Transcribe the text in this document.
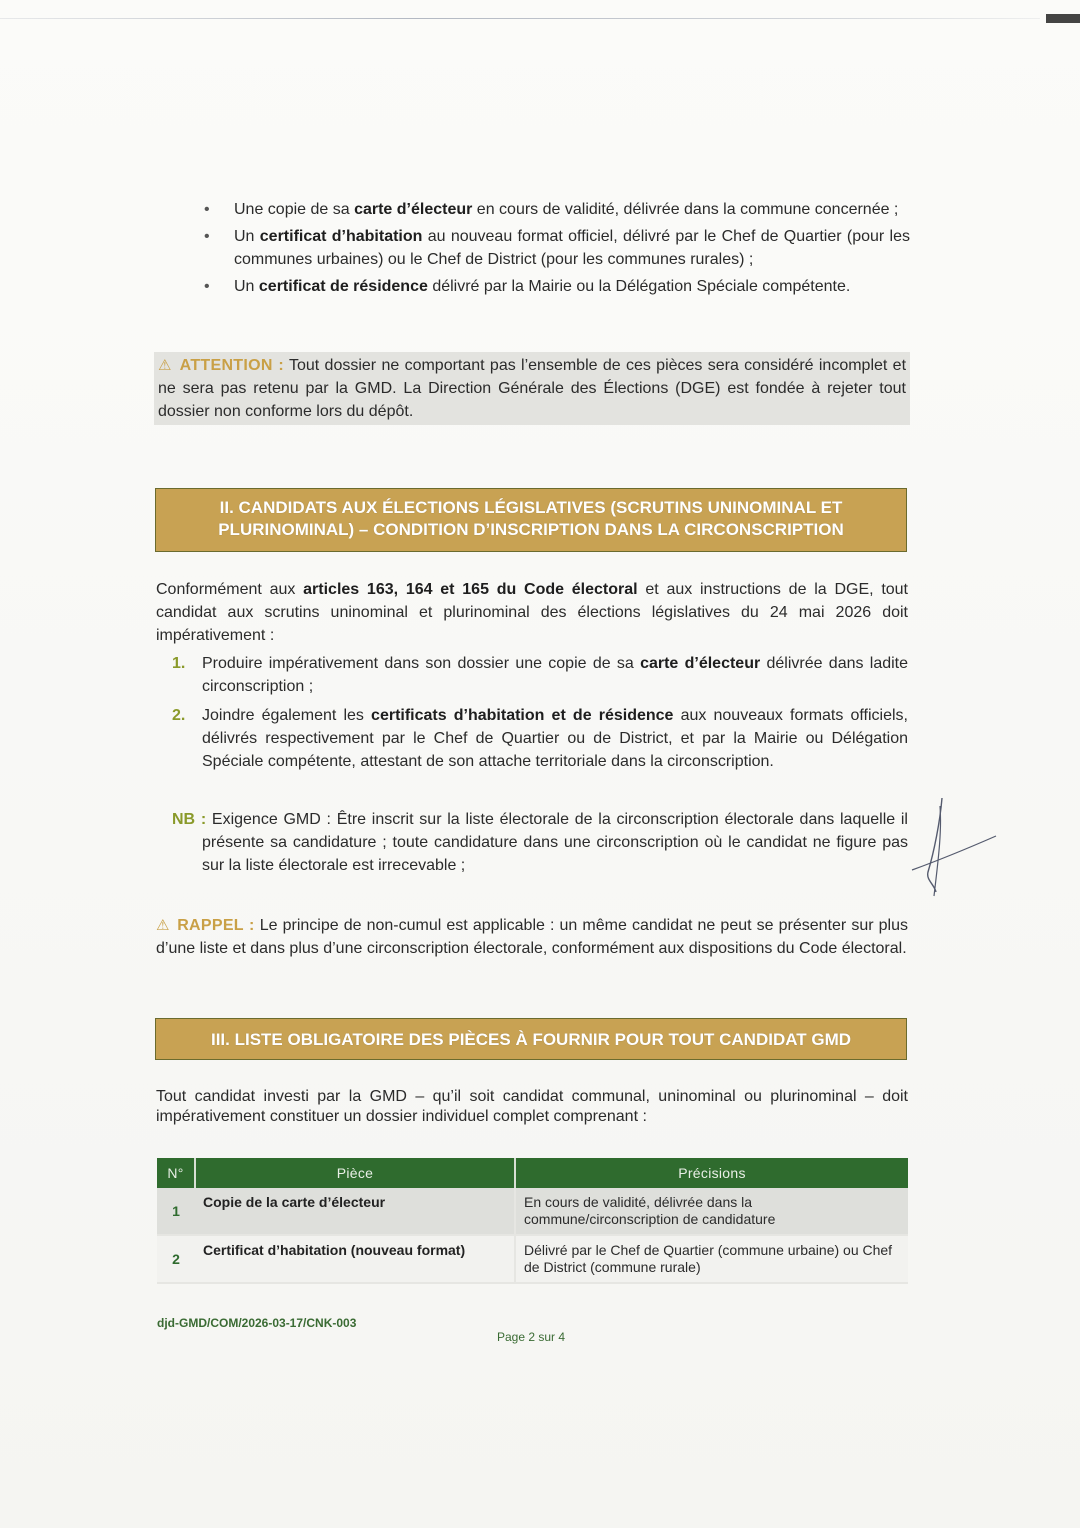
• Une copie de sa carte d’électeur en cours de validité, délivrée dans la commune concernée ;
• Un certificat d’habitation au nouveau format officiel, délivré par le Chef de Quartier (pour les communes urbaines) ou le Chef de District (pour les communes rurales) ;
• Un certificat de résidence délivré par la Mairie ou la Délégation Spéciale compétente.
⚠ ATTENTION : Tout dossier ne comportant pas l’ensemble de ces pièces sera considéré incomplet et ne sera pas retenu par la GMD. La Direction Générale des Élections (DGE) est fondée à rejeter tout dossier non conforme lors du dépôt.
II. CANDIDATS AUX ÉLECTIONS LÉGISLATIVES (SCRUTINS UNINOMINAL ET
PLURINOMINAL) – CONDITION D’INSCRIPTION DANS LA CIRCONSCRIPTION
Conformément aux articles 163, 164 et 165 du Code électoral et aux instructions de la DGE, tout candidat aux scrutins uninominal et plurinominal des élections législatives du 24 mai 2026 doit impérativement :
1. Produire impérativement dans son dossier une copie de sa carte d’électeur délivrée dans ladite circonscription ;
2. Joindre également les certificats d’habitation et de résidence aux nouveaux formats officiels, délivrés respectivement par le Chef de Quartier ou de District, et par la Mairie ou Délégation Spéciale compétente, attestant de son attache territoriale dans la circonscription.
NB : Exigence GMD : Être inscrit sur la liste électorale de la circonscription électorale dans laquelle il présente sa candidature ; toute candidature dans une circonscription où le candidat ne figure pas sur la liste électorale est irrecevable ;
⚠ RAPPEL : Le principe de non-cumul est applicable : un même candidat ne peut se présenter sur plus d’une liste et dans plus d’une circonscription électorale, conformément aux dispositions du Code électoral.
III. LISTE OBLIGATOIRE DES PIÈCES À FOURNIR POUR TOUT CANDIDAT GMD
Tout candidat investi par la GMD – qu’il soit candidat communal, uninominal ou plurinominal – doit impérativement constituer un dossier individuel complet comprenant :
N°	Pièce	Précisions
1	Copie de la carte d’électeur	En cours de validité, délivrée dans la commune/circonscription de candidature
2	Certificat d’habitation (nouveau format)	Délivré par le Chef de Quartier (commune urbaine) ou Chef de District (commune rurale)
djd-GMD/COM/2026-03-17/CNK-003
Page 2 sur 4
